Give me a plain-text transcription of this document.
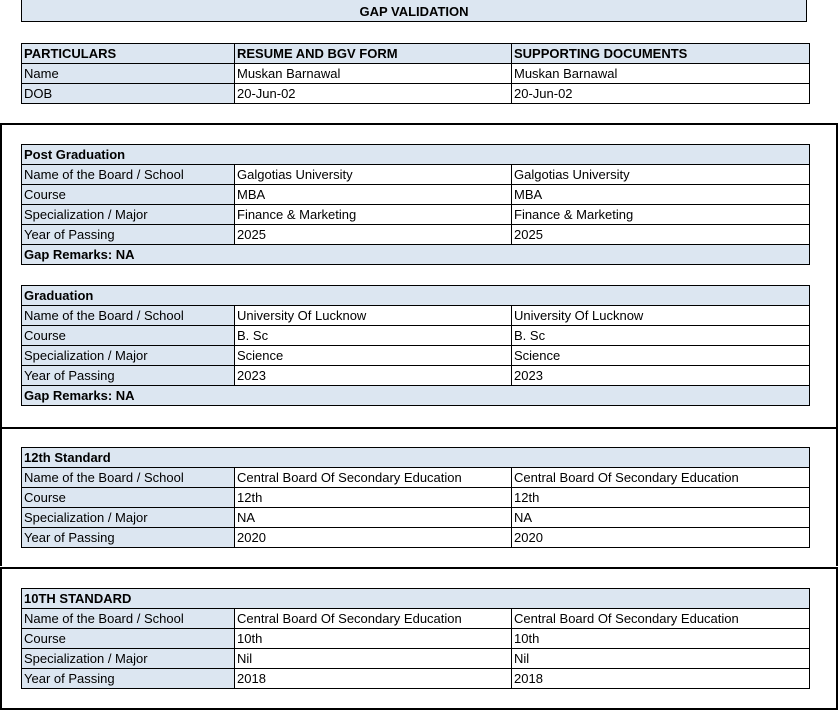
GAP VALIDATION
PARTICULARS	RESUME AND BGV FORM	SUPPORTING DOCUMENTS
Name	Muskan Barnawal	Muskan Barnawal
DOB	20-Jun-02	20-Jun-02
Post Graduation		
Name of the Board / School	Galgotias University	Galgotias University
Course	MBA	MBA
Specialization / Major	Finance & Marketing	Finance & Marketing
Year of Passing	2025	2025
Gap Remarks: NA		
Graduation		
Name of the Board / School	University Of Lucknow	University Of Lucknow
Course	B. Sc	B. Sc
Specialization / Major	Science	Science
Year of Passing	2023	2023
Gap Remarks: NA		
12th Standard		
Name of the Board / School	Central Board Of Secondary Education	Central Board Of Secondary Education
Course	12th	12th
Specialization / Major	NA	NA
Year of Passing	2020	2020
10TH STANDARD		
Name of the Board / School	Central Board Of Secondary Education	Central Board Of Secondary Education
Course	10th	10th
Specialization / Major	Nil	Nil
Year of Passing	2018	2018
